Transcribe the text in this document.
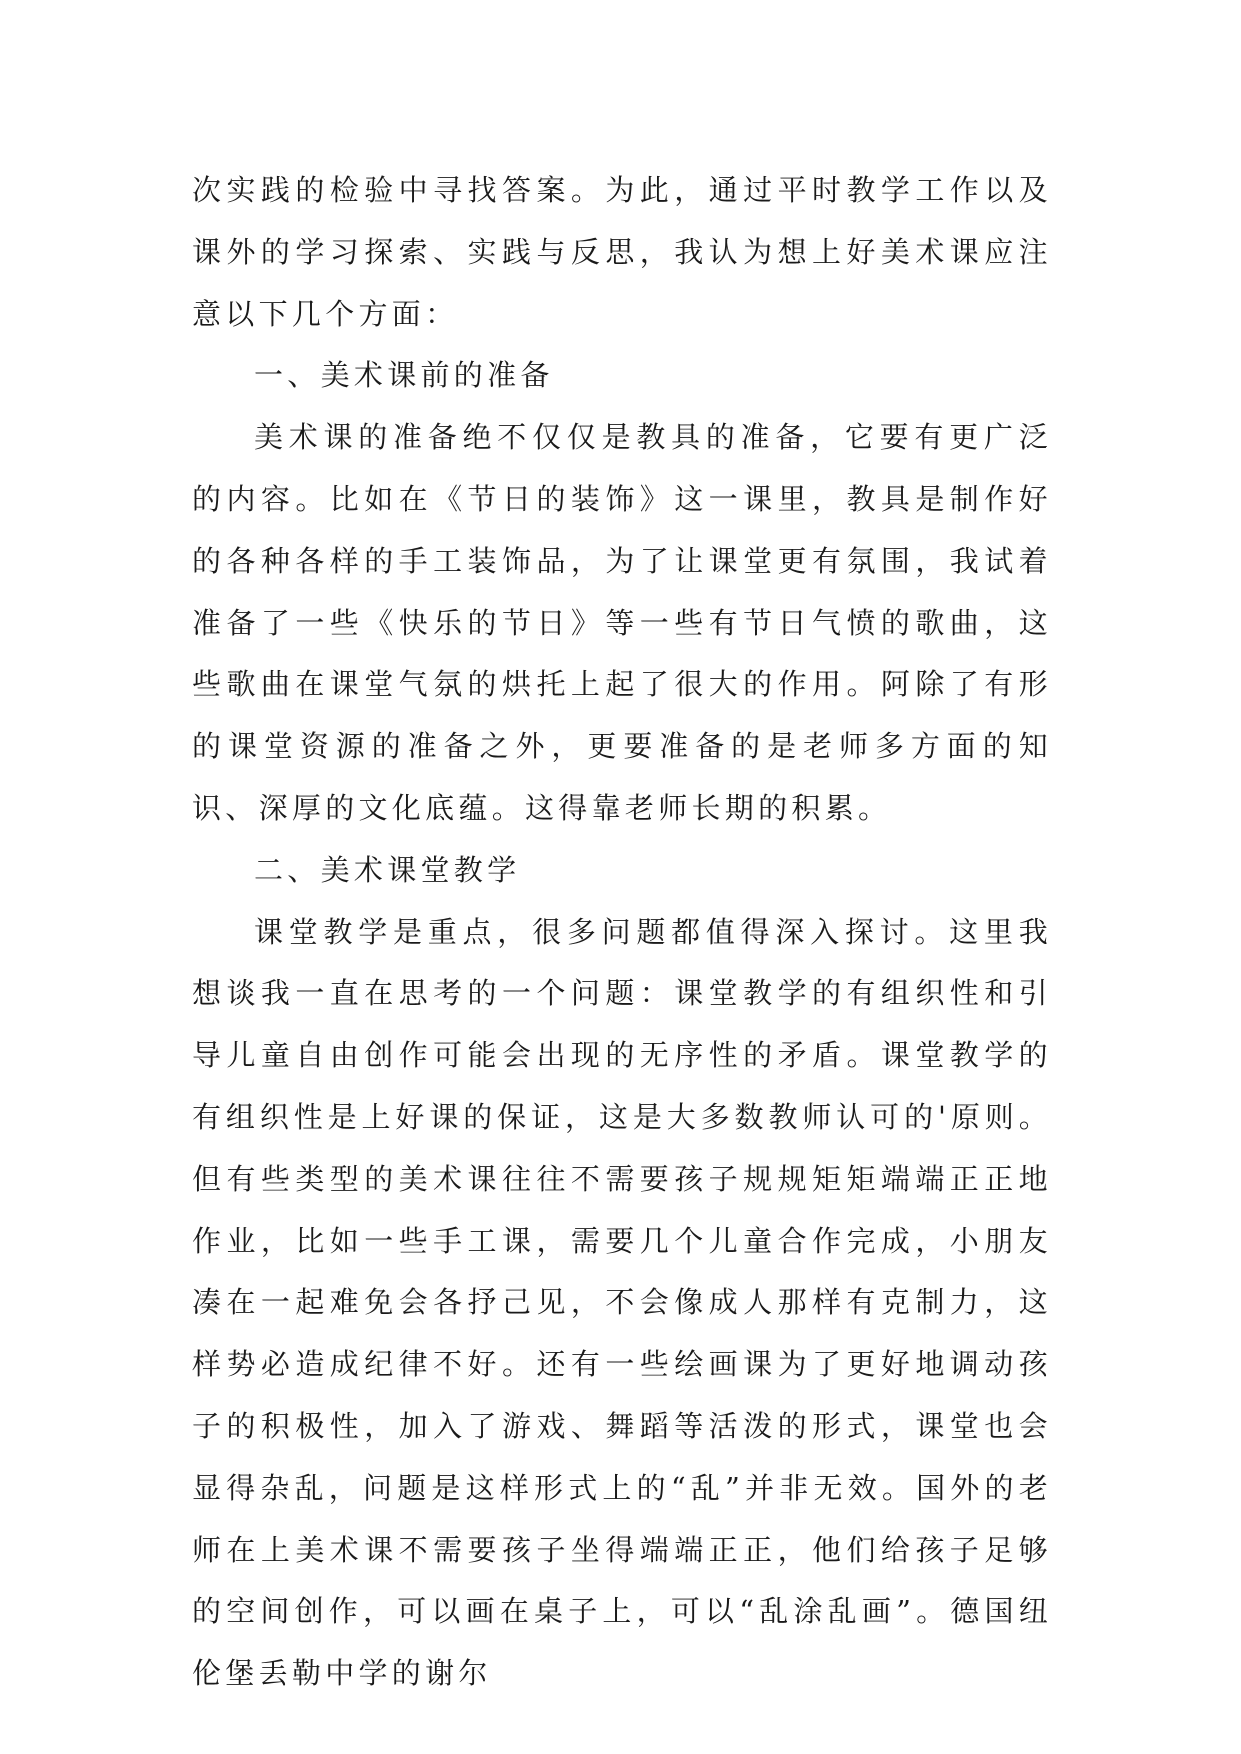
次实践的检验中寻找答案。为此，通过平时教学工作以及课外的学习探索、实践与反思，我认为想上好美术课应注意以下几个方面：

一、美术课前的准备

美术课的准备绝不仅仅是教具的准备，它要有更广泛的内容。比如在《节日的装饰》这一课里，教具是制作好的各种各样的手工装饰品，为了让课堂更有氛围，我试着准备了一些《快乐的节日》等一些有节日气愤的歌曲，这些歌曲在课堂气氛的烘托上起了很大的作用。阿除了有形的课堂资源的准备之外，更要准备的是老师多方面的知识、深厚的文化底蕴。这得靠老师长期的积累。

二、美术课堂教学

课堂教学是重点，很多问题都值得深入探讨。这里我想谈我一直在思考的一个问题：课堂教学的有组织性和引导儿童自由创作可能会出现的无序性的矛盾。课堂教学的有组织性是上好课的保证，这是大多数教师认可的'原则。但有些类型的美术课往往不需要孩子规规矩矩端端正正地作业，比如一些手工课，需要几个儿童合作完成，小朋友凑在一起难免会各抒己见，不会像成人那样有克制力，这样势必造成纪律不好。还有一些绘画课为了更好地调动孩子的积极性，加入了游戏、舞蹈等活泼的形式，课堂也会显得杂乱，问题是这样形式上的“乱”并非无效。国外的老师在上美术课不需要孩子坐得端端正正，他们给孩子足够的空间创作，可以画在桌子上，可以“乱涂乱画”。德国纽伦堡丢勒中学的谢尔
